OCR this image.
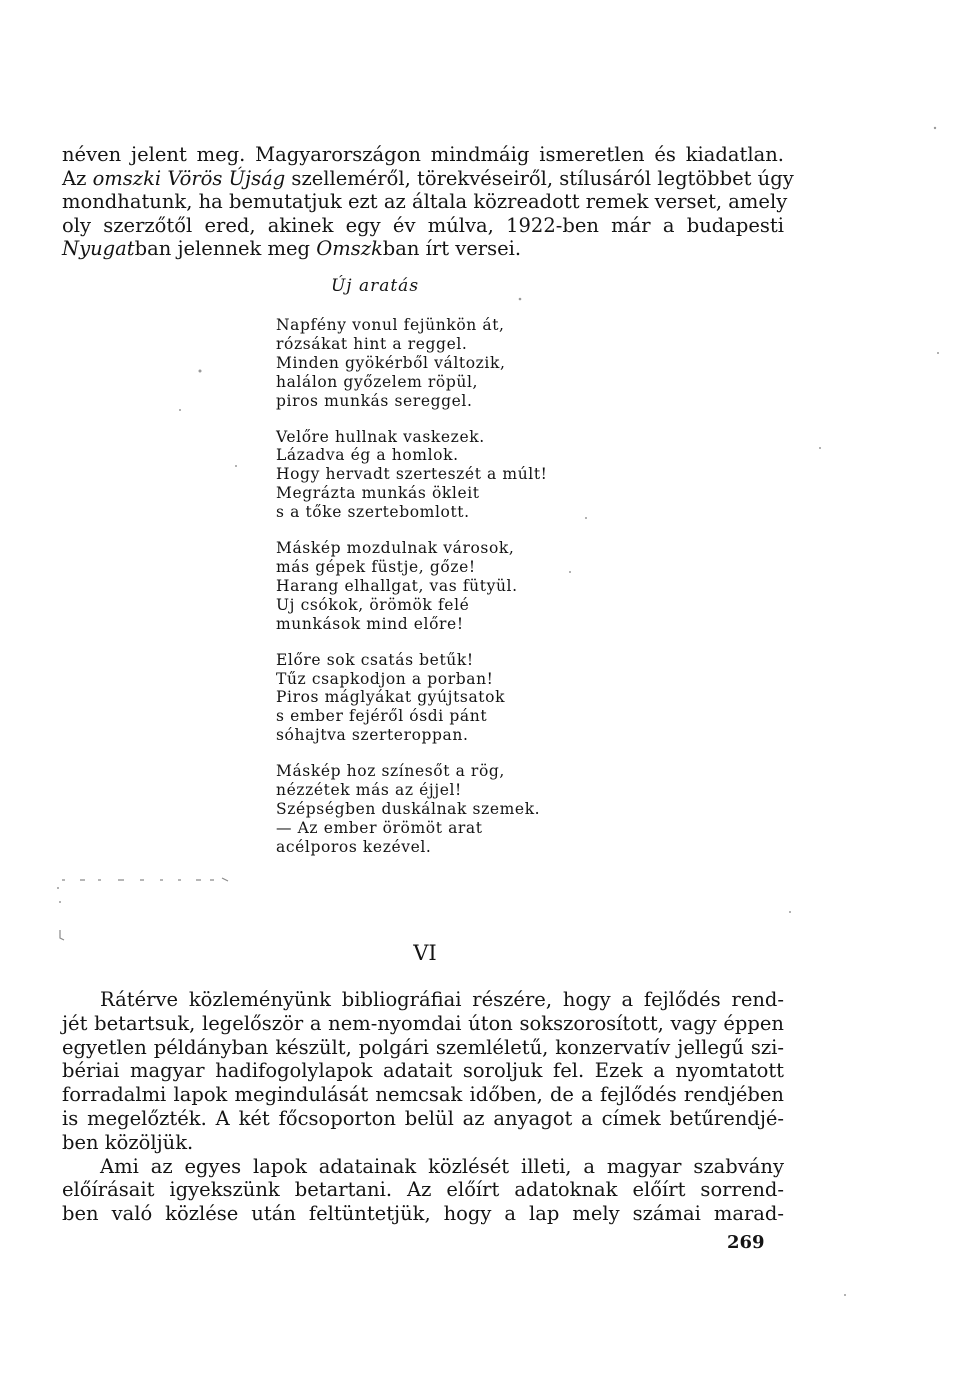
néven jelent meg. Magyarországon mindmáig ismeretlen és kiadatlan.
Az omszki Vörös Újság szelleméről, törekvéseiről, stílusáról legtöbbet úgy
mondhatunk, ha bemutatjuk ezt az általa közreadott remek verset, amely
oly szerzőtől ered, akinek egy év múlva, 1922-ben már a budapesti
Nyugatban jelennek meg Omszkban írt versei.
Új aratás
Napfény vonul fejünkön át,
rózsákat hint a reggel.
Minden gyökérből változik,
halálon győzelem röpül,
piros munkás sereggel.
Velőre hullnak vaskezek.
Lázadva ég a homlok.
Hogy hervadt szerteszét a múlt!
Megrázta munkás ökleit
s a tőke szertebomlott.
Máskép mozdulnak városok,
más gépek füstje, gőze!
Harang elhallgat, vas fütyül.
Uj csókok, örömök felé
munkások mind előre!
Előre sok csatás betűk!
Tűz csapkodjon a porban!
Piros máglyákat gyújtsatok
s ember fejéről ósdi pánt
sóhajtva szerteroppan.
Máskép hoz színesőt a rög,
nézzétek más az éjjel!
Szépségben duskálnak szemek.
— Az ember örömöt arat
acélporos kezével.
VI
Rátérve közleményünk bibliográfiai részére, hogy a fejlődés rend-
jét betartsuk, legelőször a nem-nyomdai úton sokszorosított, vagy éppen
egyetlen példányban készült, polgári szemléletű, konzervatív jellegű szi-
bériai magyar hadifogolylapok adatait soroljuk fel. Ezek a nyomtatott
forradalmi lapok megindulását nemcsak időben, de a fejlődés rendjében
is megelőzték. A két főcsoporton belül az anyagot a címek betűrendjé-
ben közöljük.
Ami az egyes lapok adatainak közlését illeti, a magyar szabvány
előírásait igyekszünk betartani. Az előírt adatoknak előírt sorrend-
ben való közlése után feltüntetjük, hogy a lap mely számai marad-
269
